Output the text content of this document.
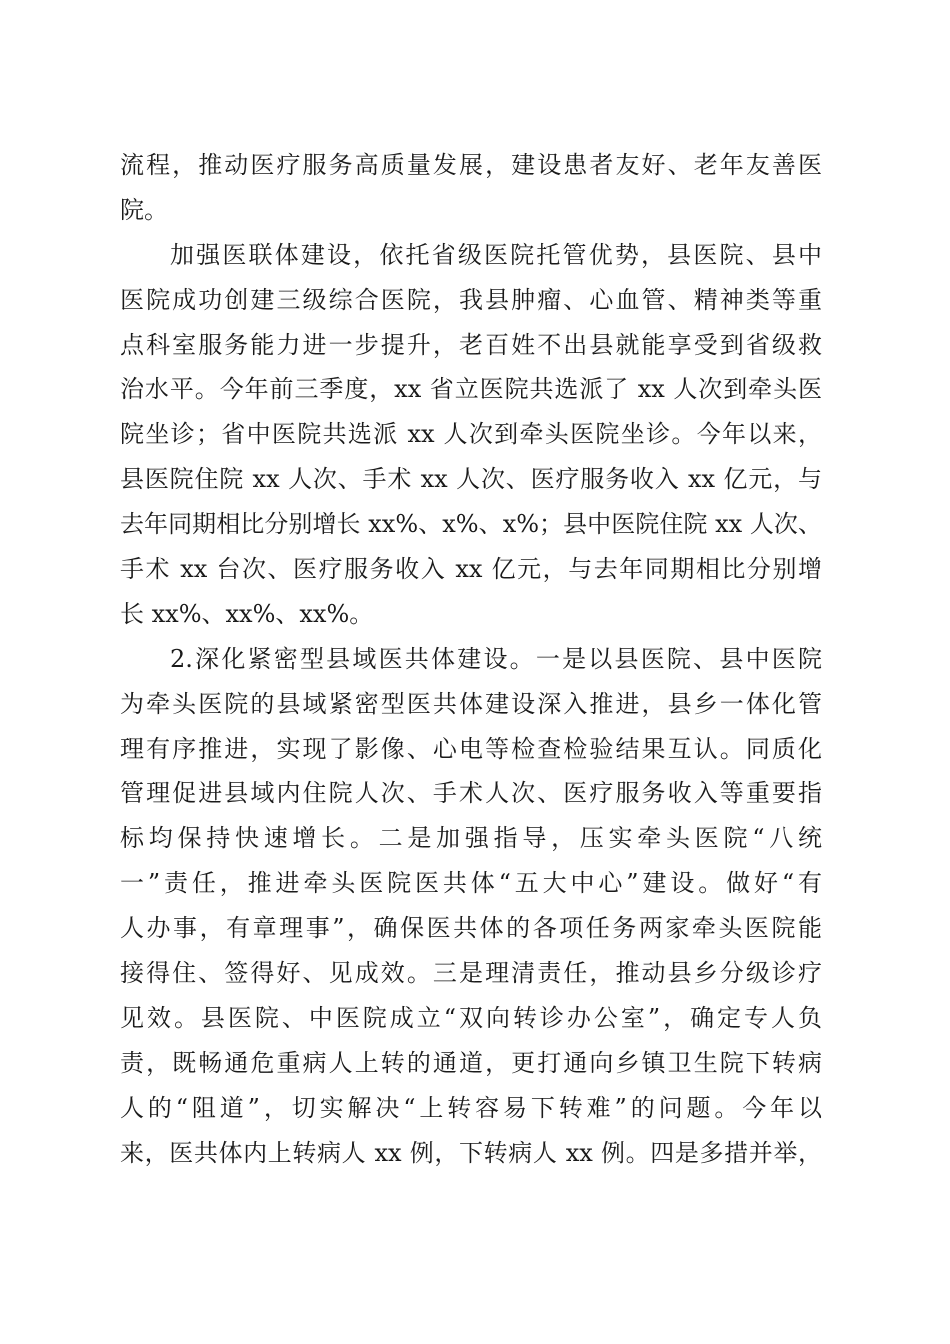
流程，推动医疗服务高质量发展，建设患者友好、老年友善医
院。
加强医联体建设，依托省级医院托管优势，县医院、县中
医院成功创建三级综合医院，我县肿瘤、心血管、精神类等重
点科室服务能力进一步提升，老百姓不出县就能享受到省级救
治水平。今年前三季度，xx 省立医院共选派了 xx 人次到牵头医
院坐诊；省中医院共选派 xx 人次到牵头医院坐诊。今年以来，
县医院住院 xx 人次、手术 xx 人次、医疗服务收入 xx 亿元，与
去年同期相比分别增长 xx%、x%、x%；县中医院住院 xx 人次、
手术 xx 台次、医疗服务收入 xx 亿元，与去年同期相比分别增
长 xx%、xx%、xx%。
2.深化紧密型县域医共体建设。一是以县医院、县中医院
为牵头医院的县域紧密型医共体建设深入推进，县乡一体化管
理有序推进，实现了影像、心电等检查检验结果互认。同质化
管理促进县域内住院人次、手术人次、医疗服务收入等重要指
标均保持快速增长。二是加强指导，压实牵头医院“八统
一”责任，推进牵头医院医共体“五大中心”建设。做好“有
人办事，有章理事”，确保医共体的各项任务两家牵头医院能
接得住、签得好、见成效。三是理清责任，推动县乡分级诊疗
见效。县医院、中医院成立“双向转诊办公室”，确定专人负
责，既畅通危重病人上转的通道，更打通向乡镇卫生院下转病
人的“阻道”，切实解决“上转容易下转难”的问题。今年以
来，医共体内上转病人 xx 例，下转病人 xx 例。四是多措并举，
